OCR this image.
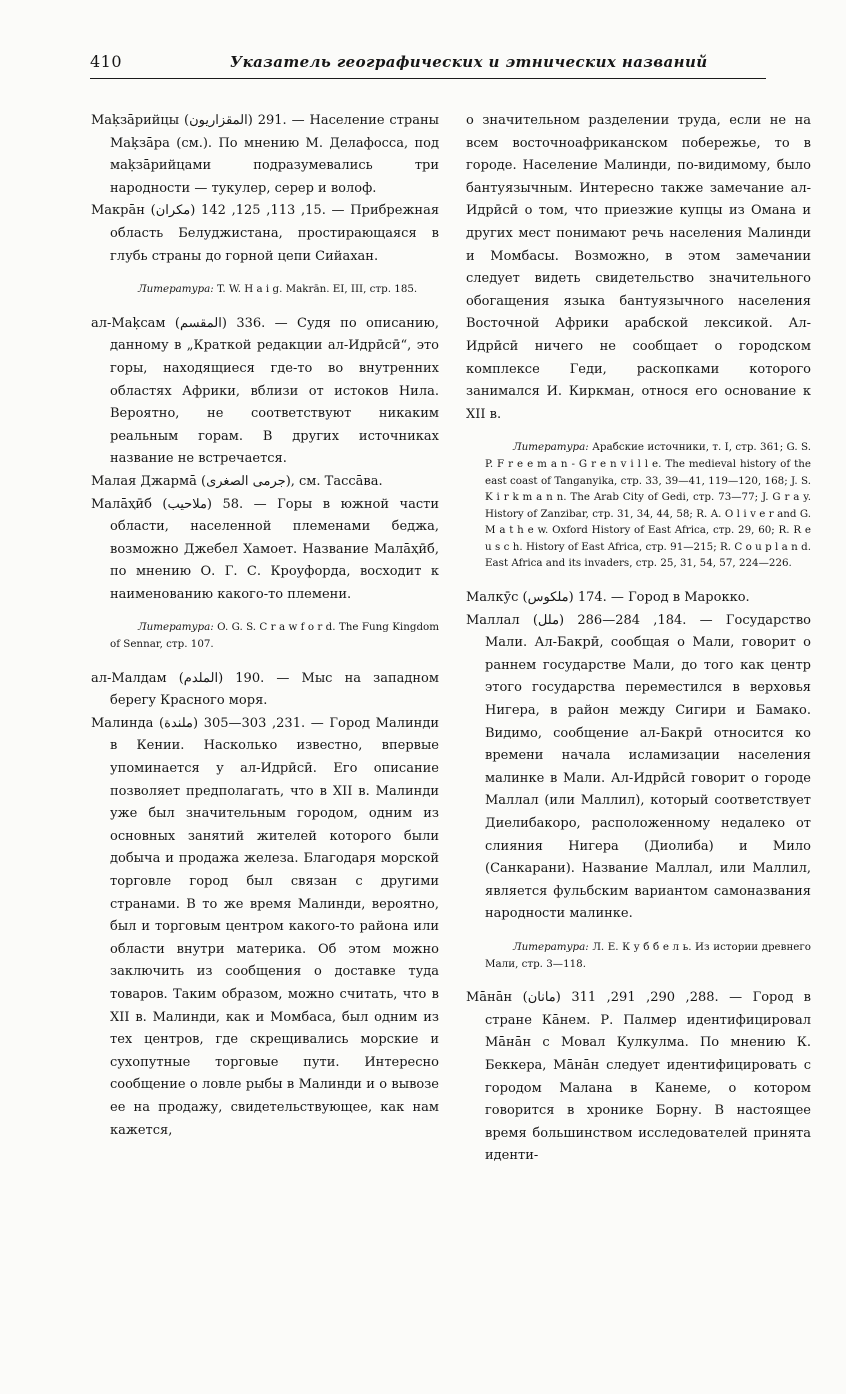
410	Указатель географических и этнических названий

Маḳзāрийцы (المقزاريون) 291. — Население страны Маḳзāра (см.). По мнению М. Делафосса, под маḳзāрийцами подразумевались три народности — тукулер, серер и волоф.

Макрāн (مكران) 15, 113, 125, 142. — Прибрежная область Белуджистана, простирающаяся в глубь страны до горной цепи Сийахан.

Литература: T. W. H a i g. Makrān. EI, III, стр. 185.

ал-Маḳсам (المقسم) 336. — Судя по описанию, данному в „Краткой редакции ал-Идрӣсӣ“, это горы, находящиеся где-то во внутренних областях Африки, вблизи от истоков Нила. Вероятно, не соответствуют никаким реальным горам. В других источниках название не встречается.

Малая Джармā (جرمى الصغرى), см. Тассāва.

Малāҳӣб (ملاحيب) 58. — Горы в южной части области, населенной племенами беджа, возможно Джебел Хамоет. Название Малāҳӣб, по мнению О. Г. С. Кроуфорда, восходит к наименованию какого-то племени.

Литература: O. G. S. C r a w f o r d. The Fung Kingdom of Sennar, стр. 107.

ал-Малдам (الملدم) 190. — Мыс на западном берегу Красного моря.

Малинда (ملندة) 231, 303—305. — Город Малинди в Кении. Насколько известно, впервые упоминается у ал-Идрӣсӣ. Его описание позволяет предполагать, что в XII в. Малинди уже был значительным городом, одним из основных занятий жителей которого были добыча и продажа железа. Благодаря морской торговле город был связан с другими странами. В то же время Малинди, вероятно, был и торговым центром какого-то района или области внутри материка. Об этом можно заключить из сообщения о доставке туда товаров. Таким образом, можно считать, что в XII в. Малинди, как и Момбаса, был одним из тех центров, где скрещивались морские и сухопутные торговые пути. Интересно сообщение о ловле рыбы в Малинди и о вывозе ее на продажу, свидетельствующее, как нам кажется,

о значительном разделении труда, если не на всем восточноафриканском побережье, то в городе. Население Малинди, по-видимому, было бантуязычным. Интересно также замечание ал-Идрӣсӣ о том, что приезжие купцы из Омана и других мест понимают речь населения Малинди и Момбасы. Возможно, в этом замечании следует видеть свидетельство значительного обогащения языка бантуязычного населения Восточной Африки арабской лексикой. Ал-Идрӣсӣ ничего не сообщает о городском комплексе Геди, раскопками которого занимался И. Киркман, относя его основание к XII в.

Литература: Арабские источники, т. I, стр. 361; G. S. P. F r e e m a n - G r e n v i l l e. The medieval history of the east coast of Tanganyika, стр. 33, 39—41, 119—120, 168; J. S. K i r k m a n n. The Arab City of Gedi, стр. 73—77; J. G r a y. History of Zanzibar, стр. 31, 34, 44, 58; R. A. O l i v e r and G. M a t h e w. Oxford History of East Africa, стр. 29, 60; R. R e u s c h. History of East Africa, стр. 91—215; R. C o u p l a n d. East Africa and its invaders, стр. 25, 31, 54, 57, 224—226.

Малкӯс (ملكوس) 174. — Город в Марокко.

Маллал (ملل) 184, 284—286. — Государство Мали. Ал-Бакрӣ, сообщая о Мали, говорит о раннем государстве Мали, до того как центр этого государства переместился в верховья Нигера, в район между Сигири и Бамако. Видимо, сообщение ал-Бакрӣ относится ко времени начала исламизации населения малинке в Мали. Ал-Идрӣсӣ говорит о городе Маллал (или Маллил), который соответствует Диелибакоро, расположенному недалеко от слияния Нигера (Диолиба) и Мило (Санкарани). Название Маллал, или Маллил, является фульбским вариантом самоназвания народности малинке.

Литература: Л. Е. К у б б е л ь. Из истории древнего Мали, стр. 3—118.

Мāнāн (مانان) 288, 290, 291, 311. — Город в стране Кāнем. Р. Палмер идентифицировал Мāнāн с Мовал Кулкулма. По мнению К. Беккера, Мāнāн следует идентифицировать с городом Малана в Канеме, о котором говорится в хронике Борну. В настоящее время большинством исследователей принята иденти-
